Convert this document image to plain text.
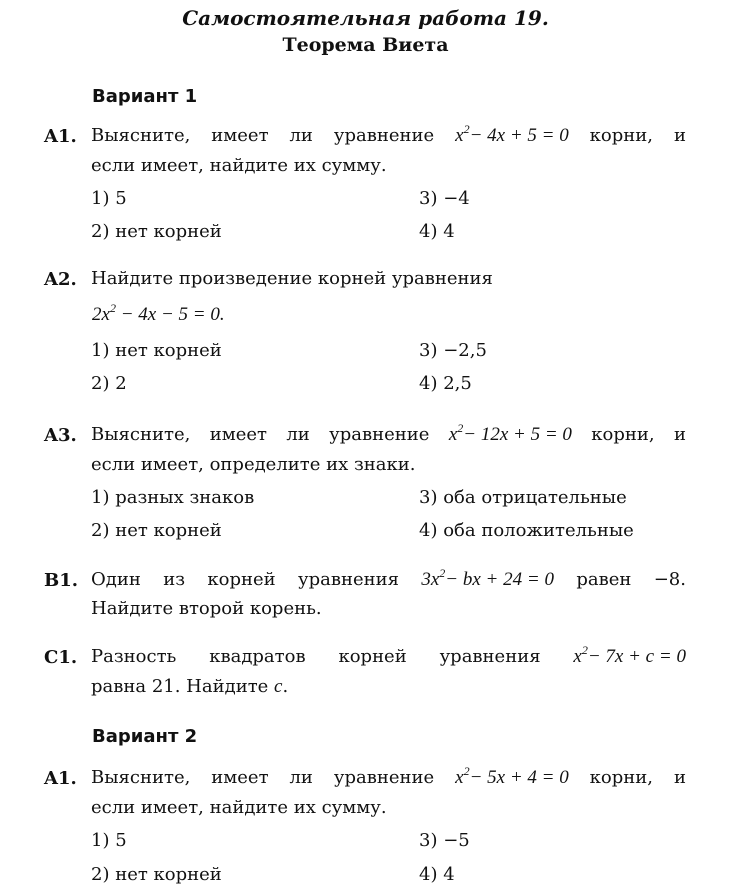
Самостоятельная работа 19.
Теорема Виета
Вариант 1
A1. Выясните, имеет ли уравнение $x^2- 4x + 5 = 0$ корни, и
если имеет, найдите их сумму.
1) 5	3) −4
2) нет корней	4) 4
A2. Найдите произведение корней уравнения
$2x^2 - 4x - 5 = 0$.
1) нет корней	3) −2,5
2) 2	4) 2,5
A3. Выясните, имеет ли уравнение $x^2- 12x + 5 = 0$ корни, и
если имеет, определите их знаки.
1) разных знаков	3) оба отрицательные
2) нет корней	4) оба положительные
B1. Один из корней уравнения $3x^2-$ bx + 24 = 0 равен −8.
Найдите второй корень.
C1. Разность квадратов корней уравнения $x^2- 7x + c = 0$
равна 21. Найдите c.
Вариант 2
A1. Выясните, имеет ли уравнение $x^2- 5x + 4 = 0$ корни, и
если имеет, найдите их сумму.
1) 5	3) −5
2) нет корней	4) 4
